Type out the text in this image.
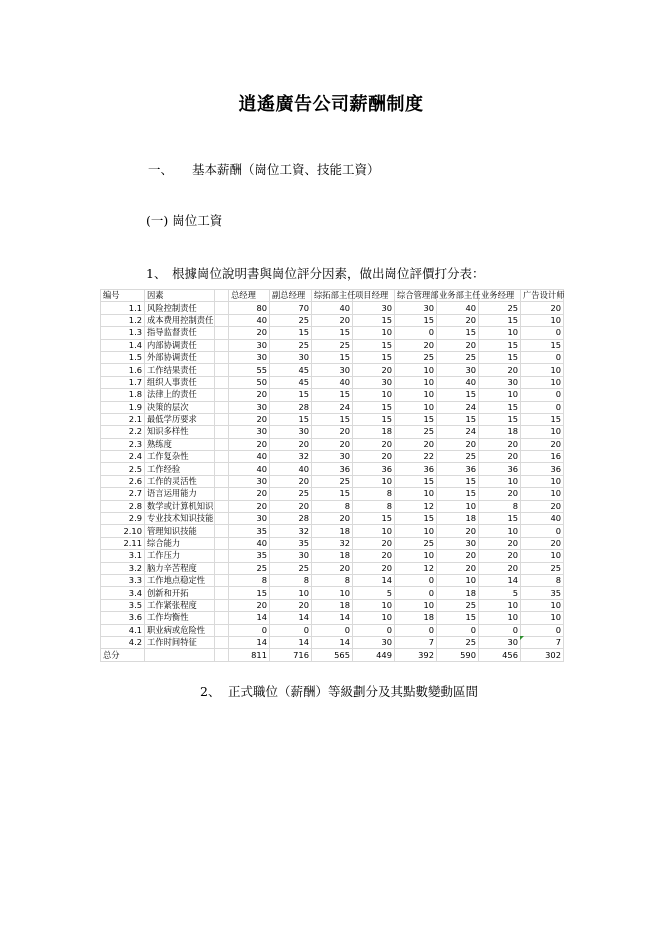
逍遙廣告公司薪酬制度
一、 基本薪酬（崗位工資、技能工資）
(一) 崗位工資
1、 根據崗位說明書與崗位評分因素，做出崗位評價打分表：
编号	因素		总经理	副总经理	综拓部主任	项目经理	综合管理部	业务部主任	业务经理	广告设计师
1.1	风险控制责任		80	70	40	30	30	40	25	20
1.2	成本费用控制责任		40	25	20	15	15	20	15	10
1.3	指导监督责任		20	15	15	10	0	15	10	0
1.4	内部协调责任		30	25	25	15	20	20	15	15
1.5	外部协调责任		30	30	15	15	25	25	15	0
1.6	工作结果责任		55	45	30	20	10	30	20	10
1.7	组织人事责任		50	45	40	30	10	40	30	10
1.8	法律上的责任		20	15	15	10	10	15	10	0
1.9	决策的层次		30	28	24	15	10	24	15	0
2.1	最低学历要求		20	15	15	15	15	15	15	15
2.2	知识多样性		30	30	20	18	25	24	18	10
2.3	熟练度		20	20	20	20	20	20	20	20
2.4	工作复杂性		40	32	30	20	22	25	20	16
2.5	工作经验		40	40	36	36	36	36	36	36
2.6	工作的灵活性		30	20	25	10	15	15	10	10
2.7	语言运用能力		20	25	15	8	10	15	20	10
2.8	数学或计算机知识		20	20	8	8	12	10	8	20
2.9	专业技术知识技能		30	28	20	15	15	18	15	40
2.10	管理知识技能		35	32	18	10	10	20	10	0
2.11	综合能力		40	35	32	20	25	30	20	20
3.1	工作压力		35	30	18	20	10	20	20	10
3.2	脑力辛苦程度		25	25	20	20	12	20	20	25
3.3	工作地点稳定性		8	8	8	14	0	10	14	8
3.4	创新和开拓		15	10	10	5	0	18	5	35
3.5	工作紧张程度		20	20	18	10	10	25	10	10
3.6	工作均衡性		14	14	14	10	18	15	10	10
4.1	职业病或危险性		0	0	0	0	0	0	0	0
4.2	工作时间特征		14	14	14	30	7	25	30	7
总分			811	716	565	449	392	590	456	302
2、 正式職位（薪酬）等級劃分及其點數變動區間
